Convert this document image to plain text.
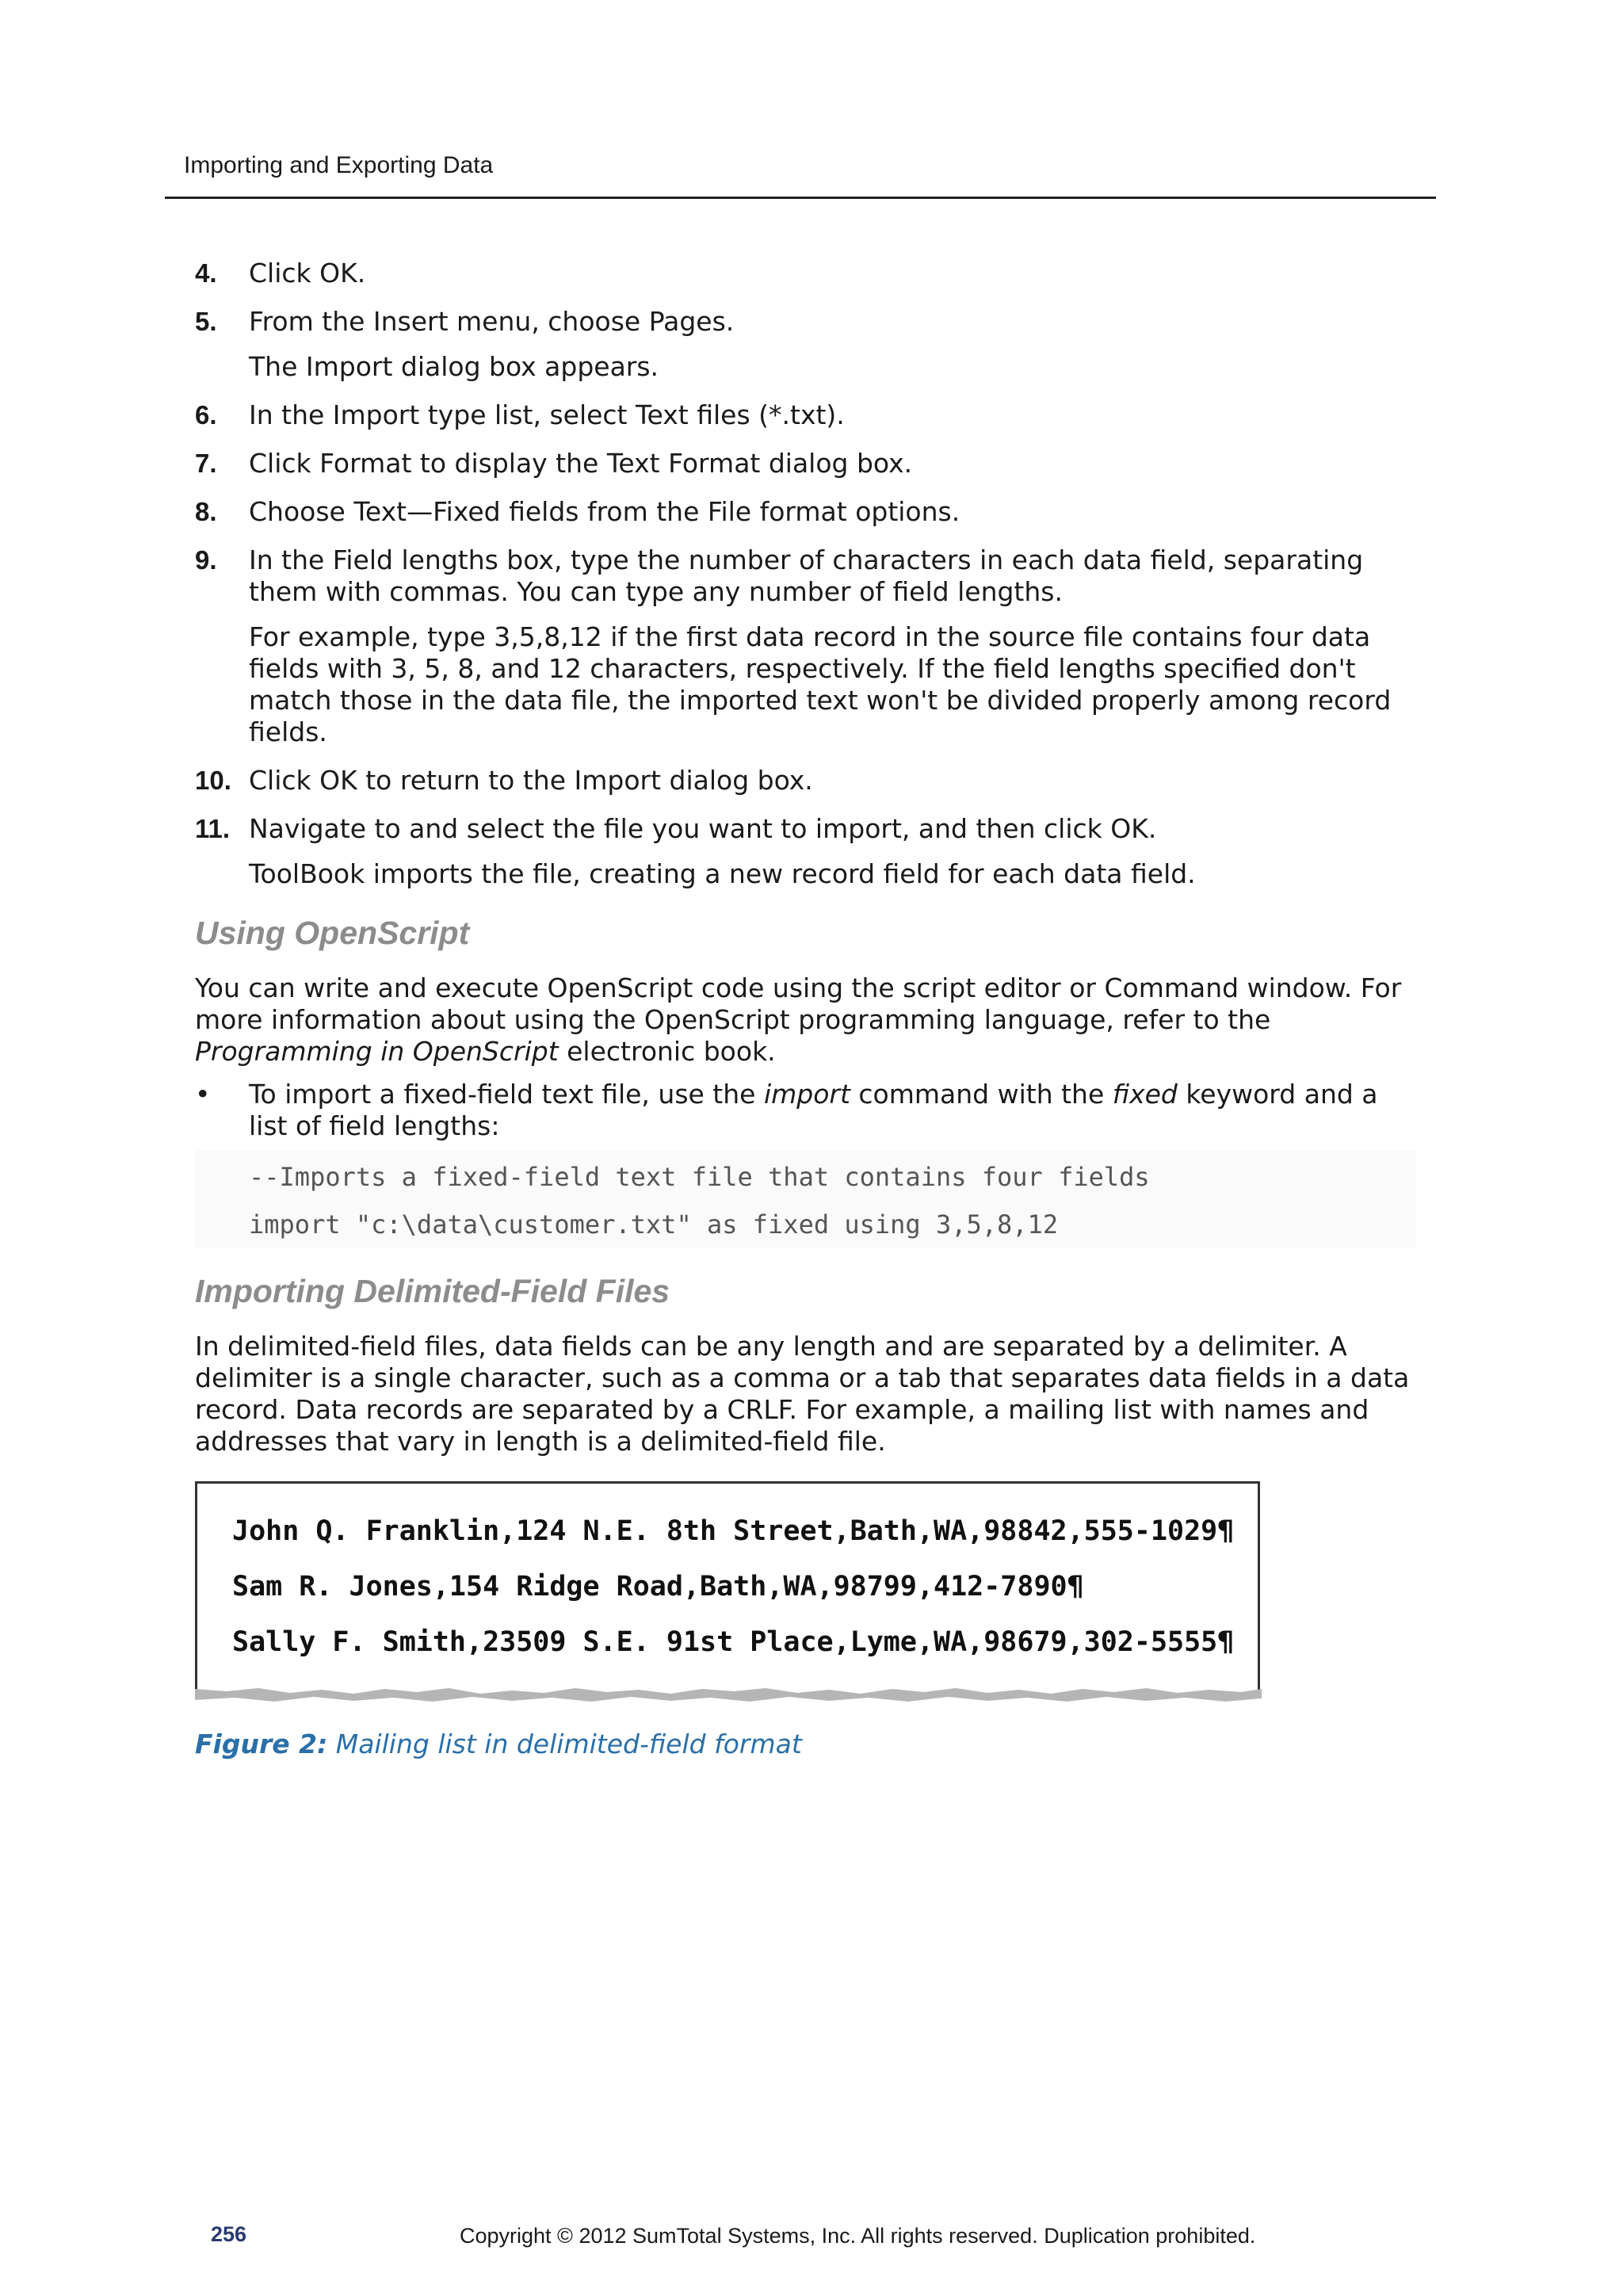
Importing and Exporting Data
4.	Click OK.
5.	From the Insert menu, choose Pages.
The Import dialog box appears.
6.	In the Import type list, select Text files (*.txt).
7.	Click Format to display the Text Format dialog box.
8.	Choose Text—Fixed fields from the File format options.
9.	In the Field lengths box, type the number of characters in each data field, separating them with commas. You can type any number of field lengths.
For example, type 3,5,8,12 if the first data record in the source file contains four data fields with 3, 5, 8, and 12 characters, respectively. If the field lengths specified don't match those in the data file, the imported text won't be divided properly among record fields.
10. Click OK to return to the Import dialog box.
11. Navigate to and select the file you want to import, and then click OK.
ToolBook imports the file, creating a new record field for each data field.
Using OpenScript

You can write and execute OpenScript code using the script editor or Command window. For more information about using the OpenScript programming language, refer to the Programming in OpenScript electronic book.

•	To import a fixed-field text file, use the import command with the fixed keyword and a list of field lengths:
--Imports a fixed-field text file that contains four fields
import "c:\data\customer.txt" as fixed using 3,5,8,12
Importing Delimited-Field Files

In delimited-field files, data fields can be any length and are separated by a delimiter. A delimiter is a single character, such as a comma or a tab that separates data fields in a data record. Data records are separated by a CRLF. For example, a mailing list with names and addresses that vary in length is a delimited-field file.

John Q. Franklin,124 N.E. 8th Street,Bath,WA,98842,555-1029¶
Sam R. Jones,154 Ridge Road,Bath,WA,98799,412-7890¶
Sally F. Smith,23509 S.E. 91st Place,Lyme,WA,98679,302-5555¶
Figure 2: Mailing list in delimited-field format
256	Copyright © 2012 SumTotal Systems, Inc. All rights reserved. Duplication prohibited.
